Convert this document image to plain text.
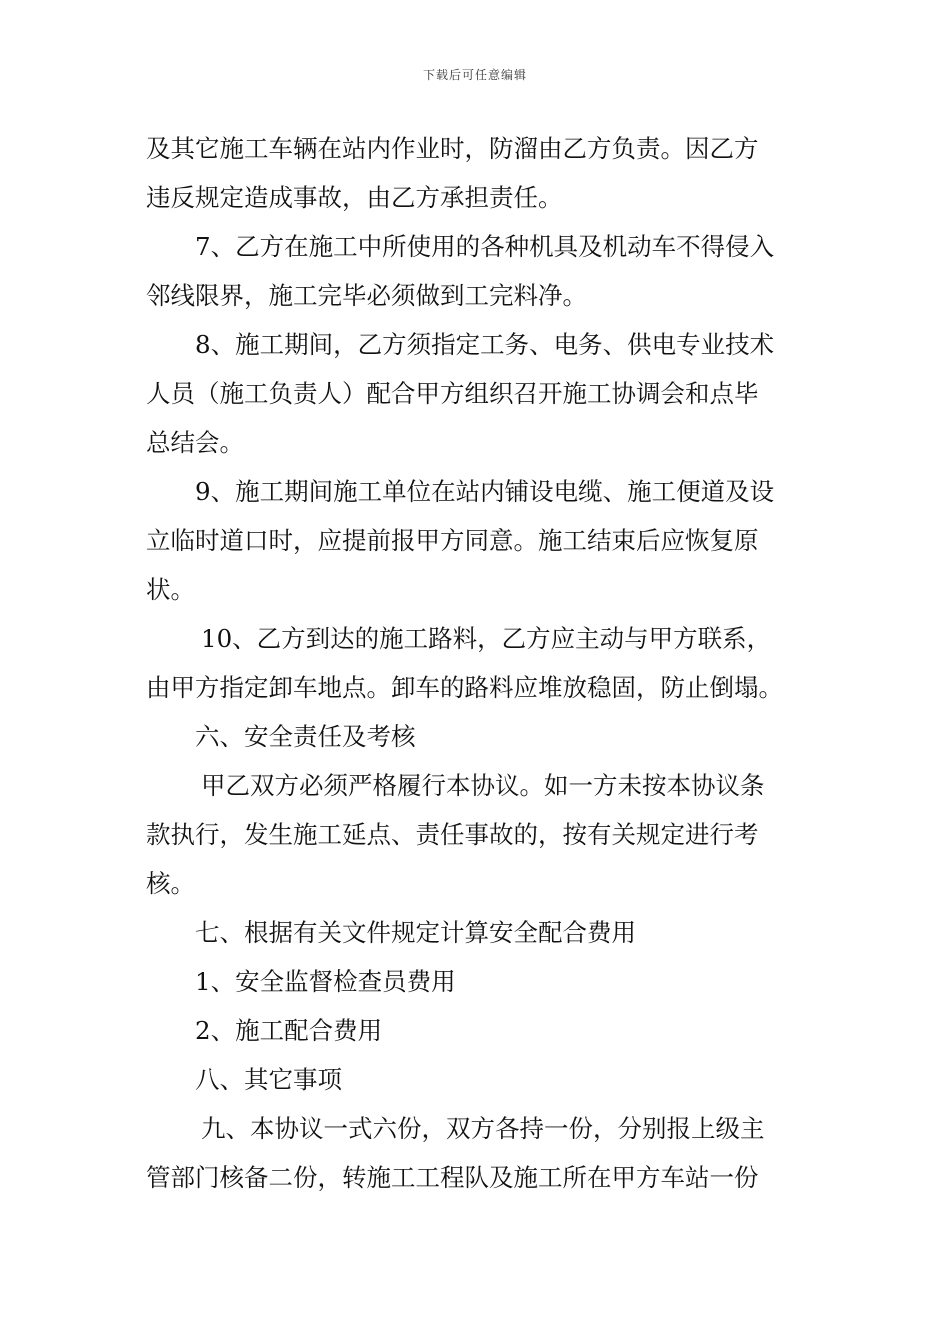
下载后可任意编辑

及其它施工车辆在站内作业时，防溜由乙方负责。因乙方

违反规定造成事故，由乙方承担责任。

7、乙方在施工中所使用的各种机具及机动车不得侵入

邻线限界，施工完毕必须做到工完料净。

8、施工期间，乙方须指定工务、电务、供电专业技术

人员（施工负责人）配合甲方组织召开施工协调会和点毕

总结会。

9、施工期间施工单位在站内铺设电缆、施工便道及设

立临时道口时，应提前报甲方同意。施工结束后应恢复原

状。

10、乙方到达的施工路料，乙方应主动与甲方联系，

由甲方指定卸车地点。卸车的路料应堆放稳固，防止倒塌。

六、安全责任及考核

甲乙双方必须严格履行本协议。如一方未按本协议条

款执行，发生施工延点、责任事故的，按有关规定进行考

核。

七、根据有关文件规定计算安全配合费用

1、安全监督检查员费用

2、施工配合费用

八、其它事项

九、本协议一式六份，双方各持一份，分别报上级主

管部门核备二份，转施工工程队及施工所在甲方车站一份
